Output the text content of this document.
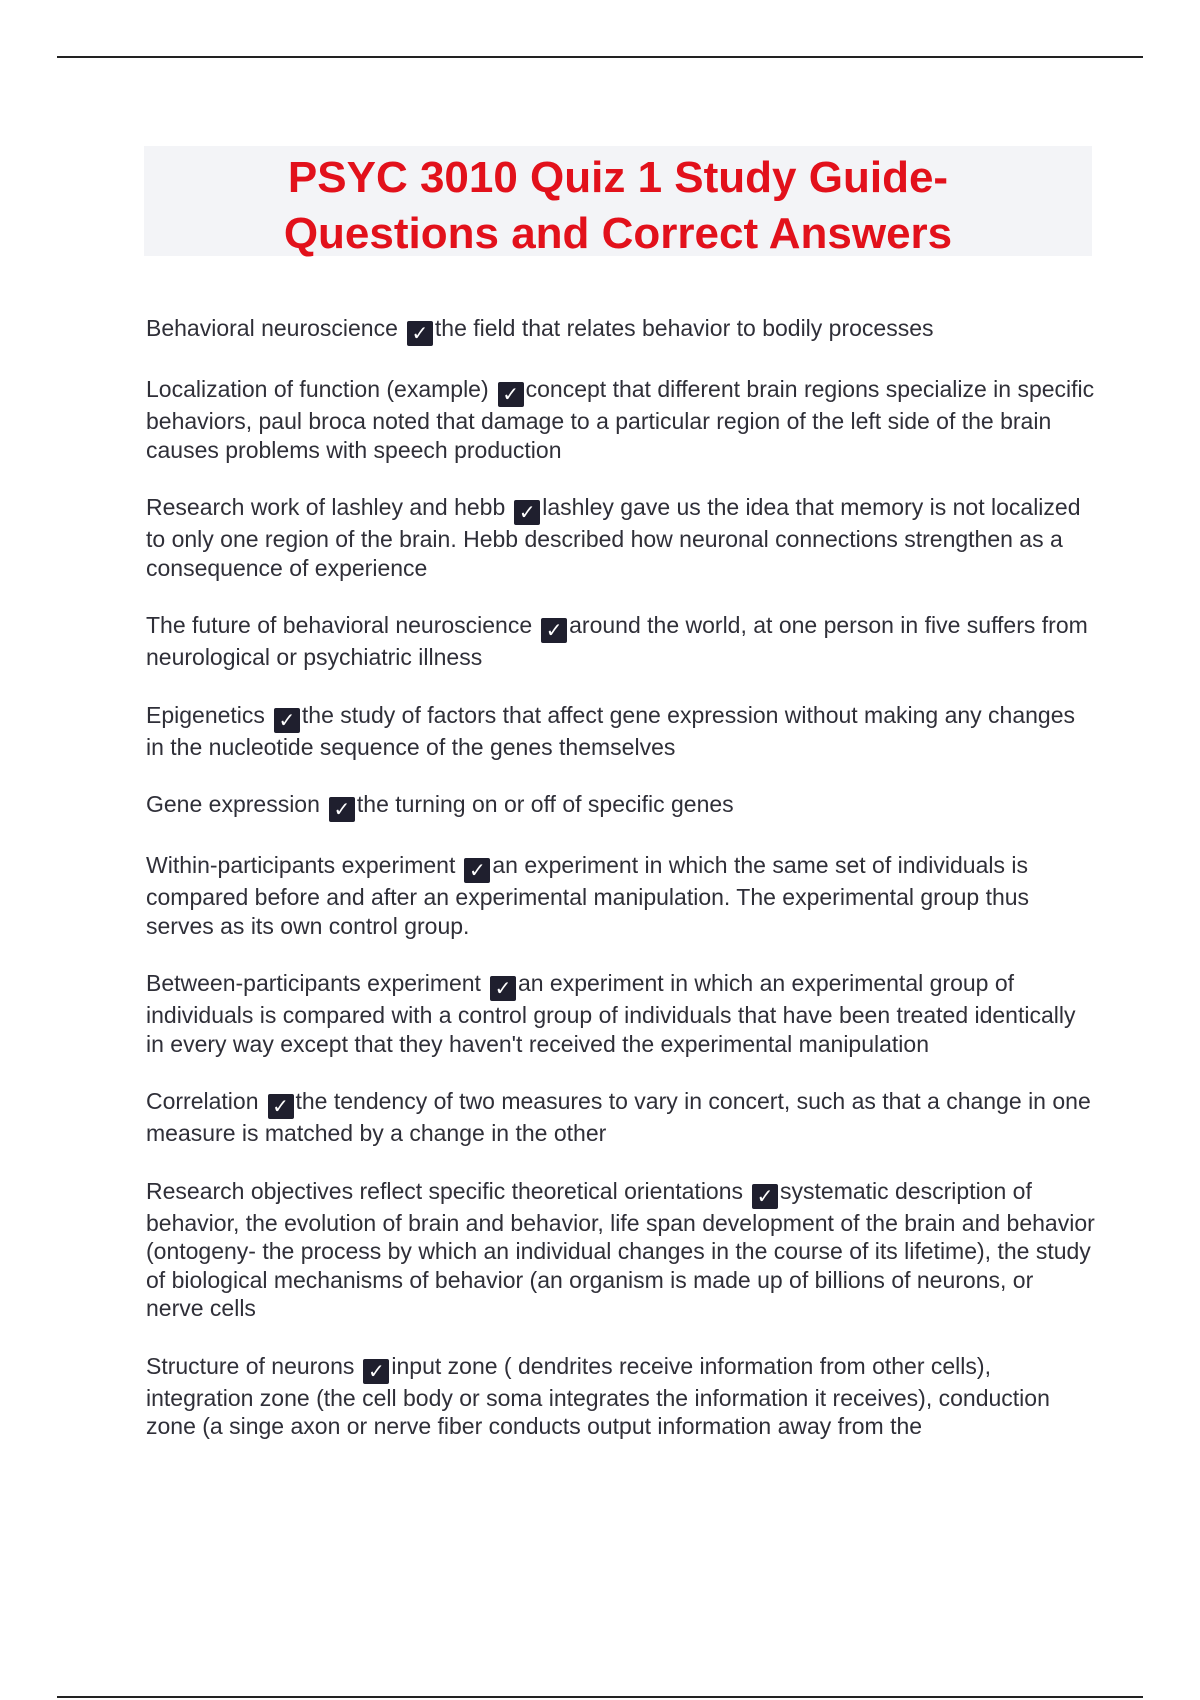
PSYC 3010 Quiz 1 Study Guide-
Questions and Correct Answers

Behavioral neuroscience ✓ the field that relates behavior to bodily processes

Localization of function (example) ✓ concept that different brain regions specialize in specific behaviors, paul broca noted that damage to a particular region of the left side of the brain causes problems with speech production

Research work of lashley and hebb ✓ lashley gave us the idea that memory is not localized to only one region of the brain. Hebb described how neuronal connections strengthen as a consequence of experience

The future of behavioral neuroscience ✓ around the world, at one person in five suffers from neurological or psychiatric illness

Epigenetics ✓ the study of factors that affect gene expression without making any changes in the nucleotide sequence of the genes themselves

Gene expression ✓ the turning on or off of specific genes

Within-participants experiment ✓ an experiment in which the same set of individuals is compared before and after an experimental manipulation. The experimental group thus serves as its own control group.

Between-participants experiment ✓ an experiment in which an experimental group of individuals is compared with a control group of individuals that have been treated identically in every way except that they haven't received the experimental manipulation

Correlation ✓ the tendency of two measures to vary in concert, such as that a change in one measure is matched by a change in the other

Research objectives reflect specific theoretical orientations ✓ systematic description of behavior, the evolution of brain and behavior, life span development of the brain and behavior (ontogeny- the process by which an individual changes in the course of its lifetime), the study of biological mechanisms of behavior (an organism is made up of billions of neurons, or nerve cells

Structure of neurons ✓ input zone ( dendrites receive information from other cells), integration zone (the cell body or soma integrates the information it receives), conduction zone (a singe axon or nerve fiber conducts output information away from the
